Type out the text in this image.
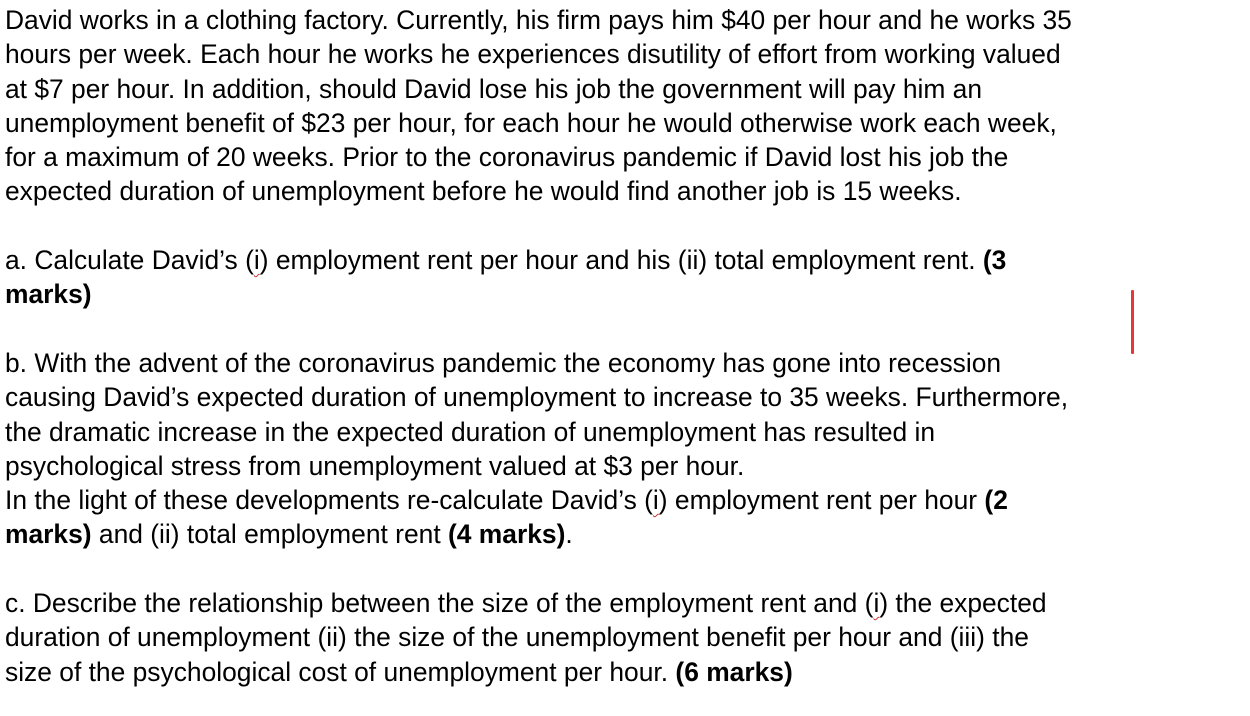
David works in a clothing factory. Currently, his firm pays him $40 per hour and he works 35
hours per week. Each hour he works he experiences disutility of effort from working valued
at $7 per hour. In addition, should David lose his job the government will pay him an
unemployment benefit of $23 per hour, for each hour he would otherwise work each week,
for a maximum of 20 weeks. Prior to the coronavirus pandemic if David lost his job the
expected duration of unemployment before he would find another job is 15 weeks.
a. Calculate David’s (i) employment rent per hour and his (ii) total employment rent. (3
marks)
b. With the advent of the coronavirus pandemic the economy has gone into recession
causing David’s expected duration of unemployment to increase to 35 weeks. Furthermore,
the dramatic increase in the expected duration of unemployment has resulted in
psychological stress from unemployment valued at $3 per hour.
In the light of these developments re-calculate David’s (i) employment rent per hour (2
marks) and (ii) total employment rent (4 marks).
c. Describe the relationship between the size of the employment rent and (i) the expected
duration of unemployment (ii) the size of the unemployment benefit per hour and (iii) the
size of the psychological cost of unemployment per hour. (6 marks)
